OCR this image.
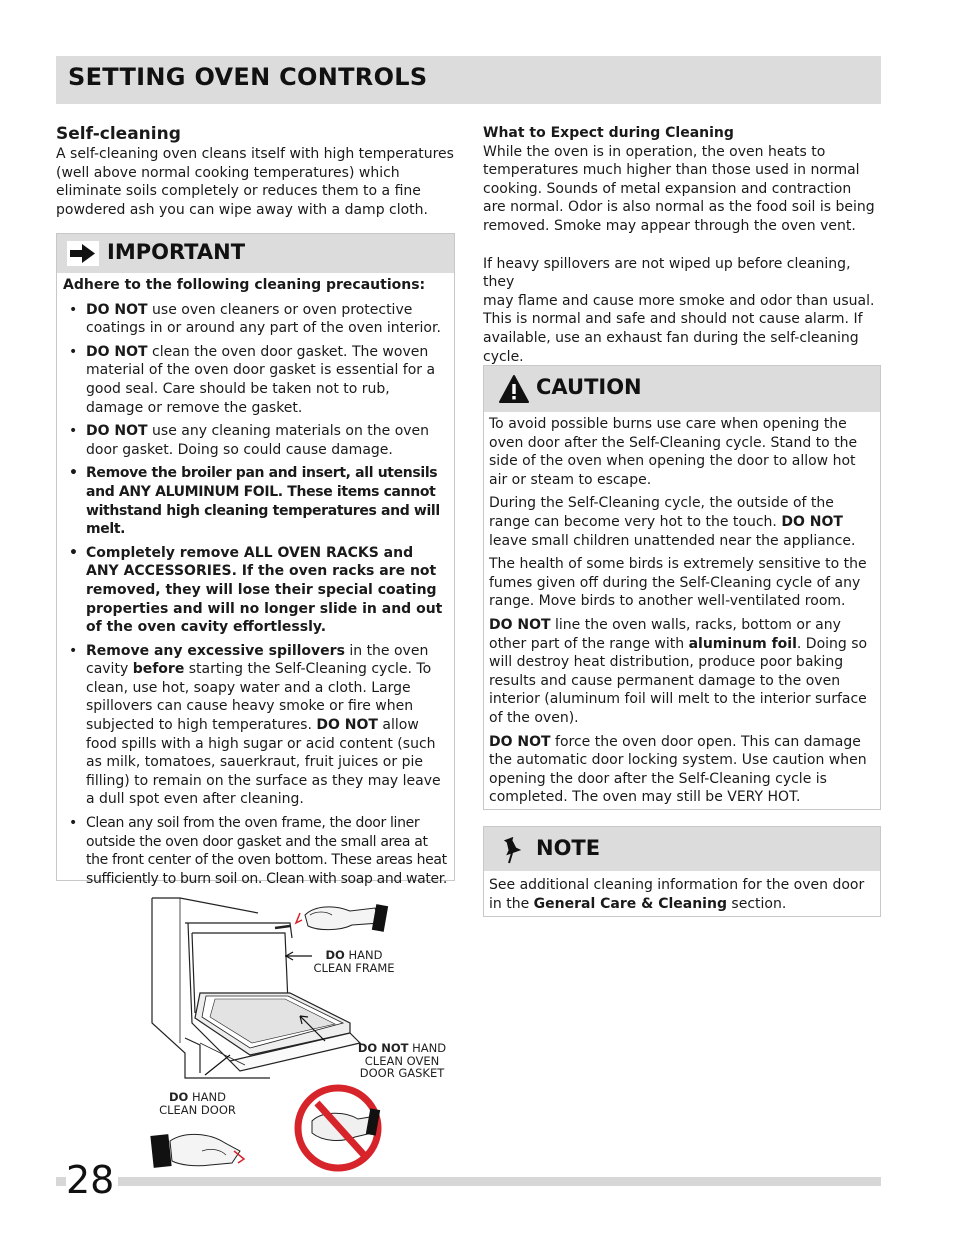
SETTING OVEN CONTROLS
Self-cleaning
A self-cleaning oven cleans itself with high temperatures
(well above normal cooking temperatures) which
eliminate soils completely or reduces them to a fine
powdered ash you can wipe away with a damp cloth.
IMPORTANT
Adhere to the following cleaning precautions:
• DO NOT use oven cleaners or oven protective coatings in or around any part of the oven interior.
• DO NOT clean the oven door gasket. The woven material of the oven door gasket is essential for a good seal. Care should be taken not to rub, damage or remove the gasket.
• DO NOT use any cleaning materials on the oven door gasket. Doing so could cause damage.
• Remove the broiler pan and insert, all utensils and ANY ALUMINUM FOIL. These items cannot withstand high cleaning temperatures and will melt.
• Completely remove ALL OVEN RACKS and ANY ACCESSORIES. If the oven racks are not removed, they will lose their special coating properties and will no longer slide in and out of the oven cavity effortlessly.
• Remove any excessive spillovers in the oven cavity before starting the Self-Cleaning cycle. To clean, use hot, soapy water and a cloth. Large spillovers can cause heavy smoke or fire when subjected to high temperatures. DO NOT allow food spills with a high sugar or acid content (such as milk, tomatoes, sauerkraut, fruit juices or pie filling) to remain on the surface as they may leave a dull spot even after cleaning.
• Clean any soil from the oven frame, the door liner outside the oven door gasket and the small area at the front center of the oven bottom. These areas heat sufficiently to burn soil on. Clean with soap and water.
DO HAND
CLEAN FRAME
DO NOT HAND
CLEAN OVEN
DOOR GASKET
DO HAND
CLEAN DOOR
What to Expect during Cleaning
While the oven is in operation, the oven heats to
temperatures much higher than those used in normal
cooking. Sounds of metal expansion and contraction
are normal. Odor is also normal as the food soil is being
removed. Smoke may appear through the oven vent.
If heavy spillovers are not wiped up before cleaning, they
may flame and cause more smoke and odor than usual.
This is normal and safe and should not cause alarm. If
available, use an exhaust fan during the self-cleaning
cycle.
CAUTION

To avoid possible burns use care when opening the oven door after the Self-Cleaning cycle. Stand to the side of the oven when opening the door to allow hot air or steam to escape.

During the Self-Cleaning cycle, the outside of the range can become very hot to the touch. DO NOT leave small children unattended near the appliance.

The health of some birds is extremely sensitive to the fumes given off during the Self-Cleaning cycle of any range. Move birds to another well-ventilated room.

DO NOT line the oven walls, racks, bottom or any other part of the range with aluminum foil. Doing so will destroy heat distribution, produce poor baking results and cause permanent damage to the oven interior (aluminum foil will melt to the interior surface of the oven).

DO NOT force the oven door open. This can damage the automatic door locking system. Use caution when opening the door after the Self-Cleaning cycle is completed. The oven may still be VERY HOT.

NOTE

See additional cleaning information for the oven door in the General Care & Cleaning section.

28
